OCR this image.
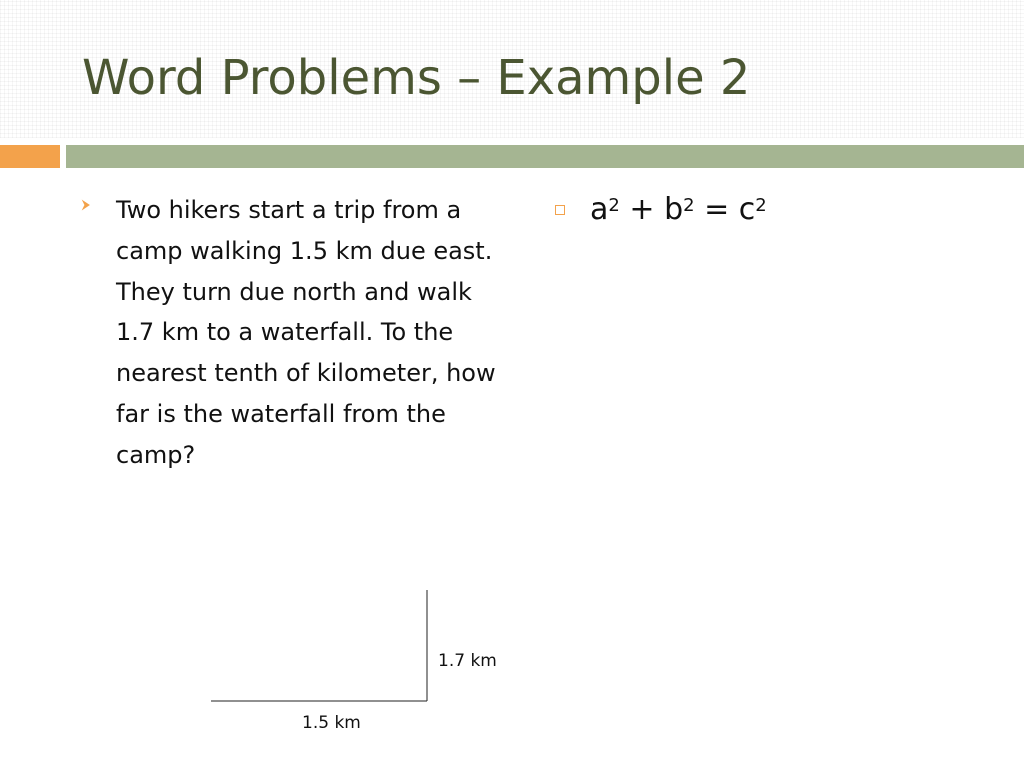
Word Problems – Example 2

Two hikers start a trip from a camp walking 1.5 km due east. They turn due north and walk 1.7 km to a waterfall. To the nearest tenth of kilometer, how far is the waterfall from the camp?

$a^2 + b^2 = c^2$

1.7 km
1.5 km
